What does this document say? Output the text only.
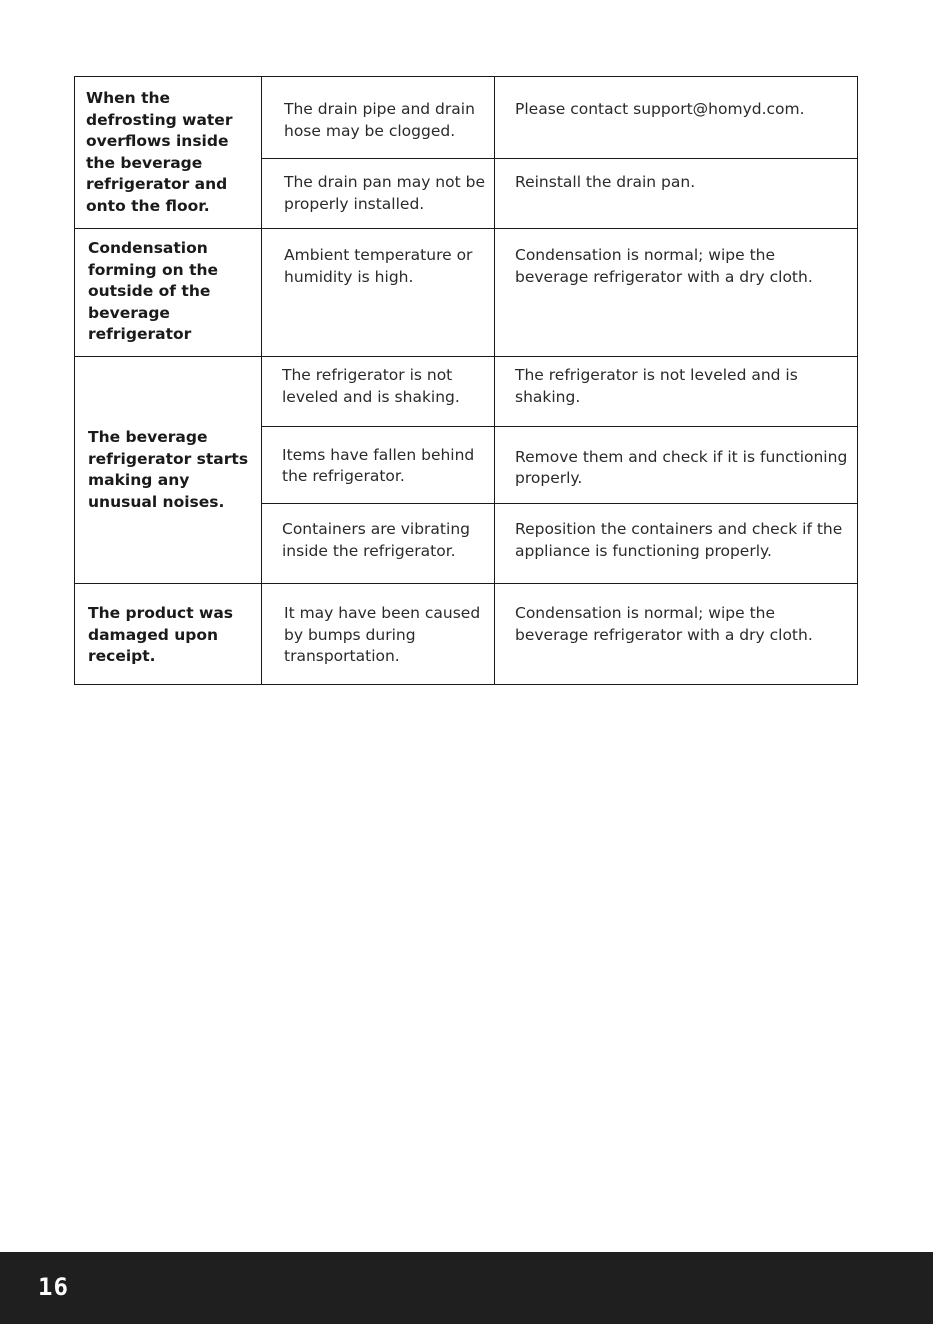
When the defrosting water overflows inside the beverage refrigerator and onto the floor.
The drain pipe and drain hose may be clogged.
Please contact support@homyd.com.
The drain pan may not be properly installed.
Reinstall the drain pan.
Condensation forming on the outside of the beverage refrigerator
Ambient temperature or humidity is high.
Condensation is normal; wipe the beverage refrigerator with a dry cloth.
The beverage refrigerator starts making any unusual noises.
The refrigerator is not leveled and is shaking.
The refrigerator is not leveled and is shaking.
Items have fallen behind the refrigerator.
Remove them and check if it is functioning properly.
Containers are vibrating inside the refrigerator.
Reposition the containers and check if the appliance is functioning properly.
The product was damaged upon receipt.
It may have been caused by bumps during transportation.
Condensation is normal; wipe the beverage refrigerator with a dry cloth.
16
